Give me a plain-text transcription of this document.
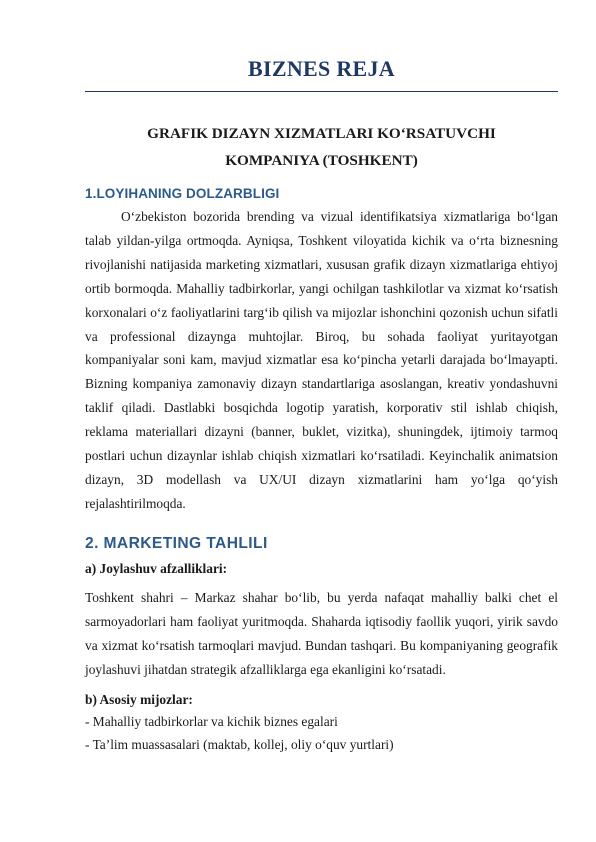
BIZNES REJA

GRAFIK DIZAYN XIZMATLARI KO‘RSATUVCHI
KOMPANIYA (TOSHKENT)

1.LOYIHANING DOLZARBLIGI

O‘zbekiston bozorida brending va vizual identifikatsiya xizmatlariga bo‘lgan talab yildan-yilga ortmoqda. Ayniqsa, Toshkent viloyatida kichik va o‘rta biznesning rivojlanishi natijasida marketing xizmatlari, xususan grafik dizayn xizmatlariga ehtiyoj ortib bormoqda. Mahalliy tadbirkorlar, yangi ochilgan tashkilotlar va xizmat ko‘rsatish korxonalari o‘z faoliyatlarini targ‘ib qilish va mijozlar ishonchini qozonish uchun sifatli va professional dizaynga muhtojlar. Biroq, bu sohada faoliyat yuritayotgan kompaniyalar soni kam, mavjud xizmatlar esa ko‘pincha yetarli darajada bo‘lmayapti. Bizning kompaniya zamonaviy dizayn standartlariga asoslangan, kreativ yondashuvni taklif qiladi. Dastlabki bosqichda logotip yaratish, korporativ stil ishlab chiqish, reklama materiallari dizayni (banner, buklet, vizitka), shuningdek, ijtimoiy tarmoq postlari uchun dizaynlar ishlab chiqish xizmatlari ko‘rsatiladi. Keyinchalik animatsion dizayn, 3D modellash va UX/UI dizayn xizmatlarini ham yo‘lga qo‘yish rejalashtirilmoqda.

2. MARKETING TAHLILI

a) Joylashuv afzalliklari:

Toshkent shahri – Markaz shahar bo‘lib, bu yerda nafaqat mahalliy balki chet el sarmoyadorlari ham faoliyat yuritmoqda. Shaharda iqtisodiy faollik yuqori, yirik savdo va xizmat ko‘rsatish tarmoqlari mavjud. Bundan tashqari. Bu kompaniyaning geografik joylashuvi jihatdan strategik afzalliklarga ega ekanligini ko‘rsatadi.

b) Asosiy mijozlar:

- Mahalliy tadbirkorlar va kichik biznes egalari
- Ta’lim muassasalari (maktab, kollej, oliy o‘quv yurtlari)
